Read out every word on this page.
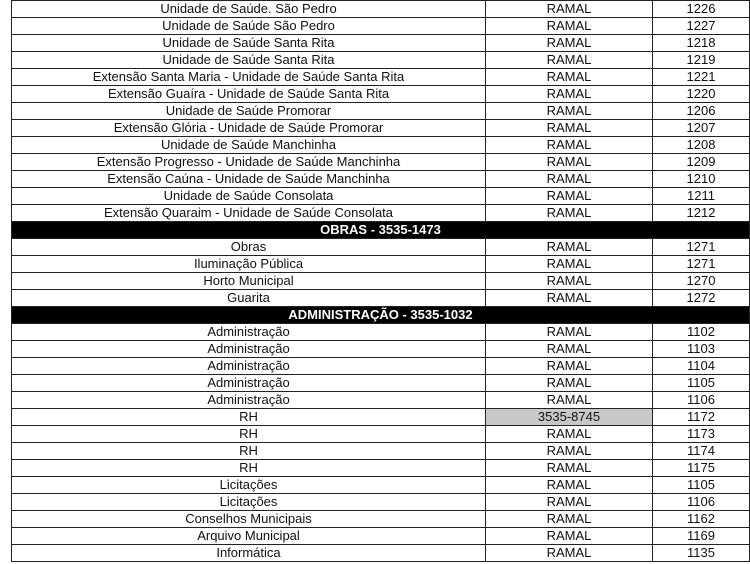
Unidade de Saúde. São Pedro	RAMAL	1226
Unidade de Saúde São Pedro	RAMAL	1227
Unidade de Saúde Santa Rita	RAMAL	1218
Unidade de Saúde Santa Rita	RAMAL	1219
Extensão Santa Maria - Unidade de Saúde Santa Rita	RAMAL	1221
Extensão Guaíra - Unidade de Saúde Santa Rita	RAMAL	1220
Unidade de Saúde Promorar	RAMAL	1206
Extensão Glória - Unidade de Saúde Promorar	RAMAL	1207
Unidade de Saúde Manchinha	RAMAL	1208
Extensão Progresso - Unidade de Saúde Manchinha	RAMAL	1209
Extensão Caúna - Unidade de Saúde Manchinha	RAMAL	1210
Unidade de Saúde Consolata	RAMAL	1211
Extensão Quaraim - Unidade de Saúde Consolata	RAMAL	1212
OBRAS - 3535-1473		
Obras	RAMAL	1271
Iluminação Pública	RAMAL	1271
Horto Municipal	RAMAL	1270
Guarita	RAMAL	1272
ADMINISTRAÇÃO - 3535-1032		
Administração	RAMAL	1102
Administração	RAMAL	1103
Administração	RAMAL	1104
Administração	RAMAL	1105
Administração	RAMAL	1106
RH	3535-8745	1172
RH	RAMAL	1173
RH	RAMAL	1174
RH	RAMAL	1175
Licitações	RAMAL	1105
Licitações	RAMAL	1106
Conselhos Municipais	RAMAL	1162
Arquivo Municipal	RAMAL	1169
Informática	RAMAL	1135
